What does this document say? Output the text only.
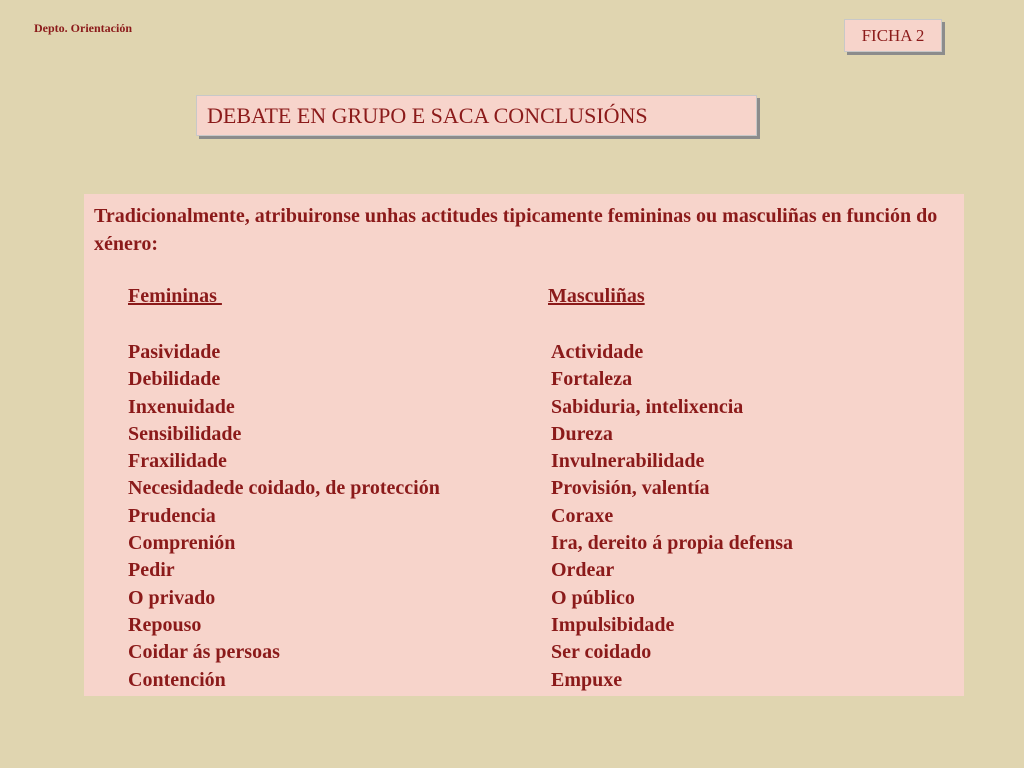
Depto. Orientación	FICHA 2
DEBATE EN GRUPO E SACA CONCLUSIÓNS
Tradicionalmente, atribuironse unhas actitudes tipicamente femininas ou masculiñas en función do xénero:
Femininas	Masculiñas
Pasividade
Debilidade
Inxenuidade
Sensibilidade
Fraxilidade
Necesidadede coidado, de protección
Prudencia
Comprenión
Pedir
O privado
Repouso
Coidar ás persoas
Contención
Actividade
Fortaleza
Sabiduria, intelixencia
Dureza
Invulnerabilidade
Provisión, valentía
Coraxe
Ira, dereito á propia defensa
Ordear
O público
Impulsibidade
Ser coidado
Empuxe
